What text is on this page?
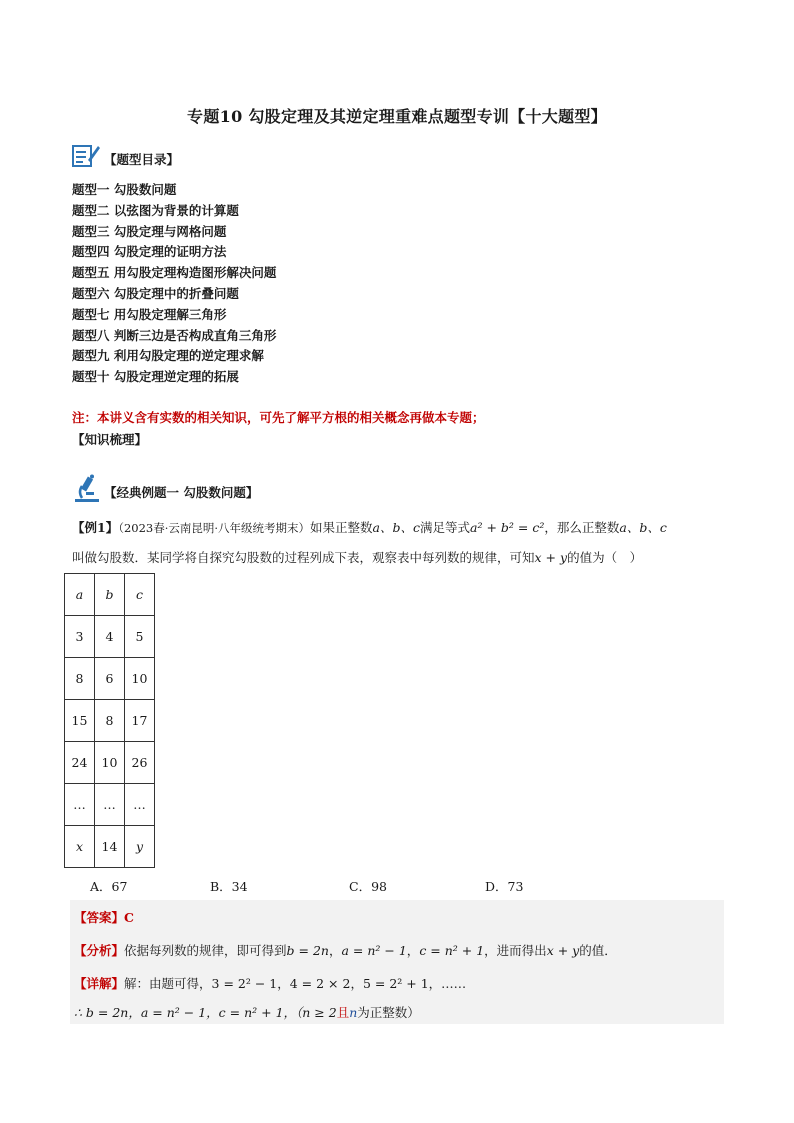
专题10 勾股定理及其逆定理重难点题型专训【十大题型】
【题型目录】
题型一 勾股数问题
题型二 以弦图为背景的计算题
题型三 勾股定理与网格问题
题型四 勾股定理的证明方法
题型五 用勾股定理构造图形解决问题
题型六 勾股定理中的折叠问题
题型七 用勾股定理解三角形
题型八 判断三边是否构成直角三角形
题型九 利用勾股定理的逆定理求解
题型十 勾股定理逆定理的拓展
注：本讲义含有实数的相关知识，可先了解平方根的相关概念再做本专题；
【知识梳理】
【经典例题一 勾股数问题】
【例1】（2023春·云南昆明·八年级统考期末）如果正整数a、b、c满足等式a² + b² = c²，那么正整数a、b、c
叫做勾股数．某同学将自探究勾股数的过程列成下表，观察表中每列数的规律，可知x + y的值为（　）
a	b	c
3	4	5
8	6	10
15	8	17
24	10	26
…	…	…
x	14	y
A．67	B．34	C．98	D．73
【答案】C
【分析】依据每列数的规律，即可得到b = 2n，a = n² − 1，c = n² + 1，进而得出x + y的值．
【详解】解：由题可得，3 = 2² − 1，4 = 2 × 2，5 = 2² + 1，……
∴ b = 2n，a = n² − 1，c = n² + 1，（n ≥ 2且n为正整数）
